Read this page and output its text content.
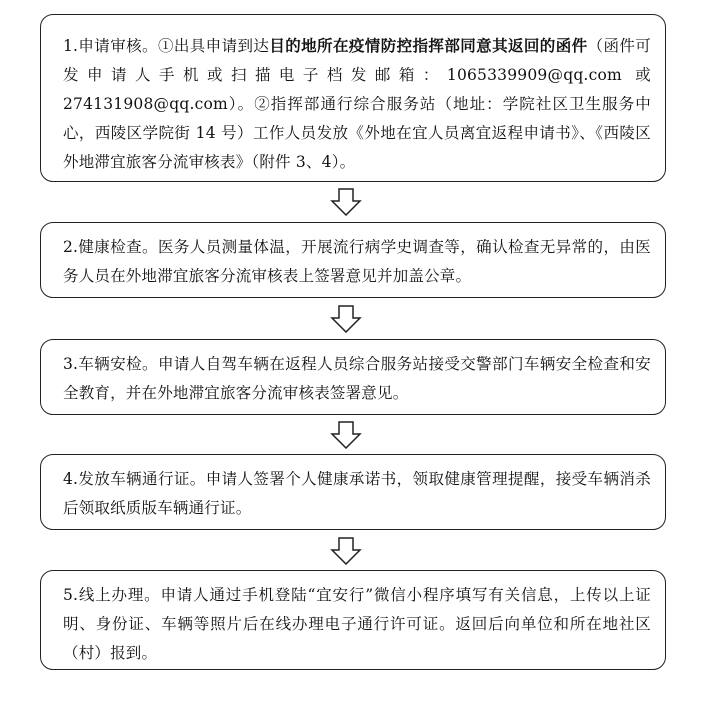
1.申请审核。①出具申请到达目的地所在疫情防控指挥部同意其返回的函件（函件可发申请人手机或扫描电子档发邮箱：1065339909@qq.com 或 274131908@qq.com）。②指挥部通行综合服务站（地址：学院社区卫生服务中心，西陵区学院街 14 号）工作人员发放《外地在宜人员离宜返程申请书》、《西陵区外地滞宜旅客分流审核表》（附件 3、4）。

2.健康检查。医务人员测量体温，开展流行病学史调查等，确认检查无异常的，由医务人员在外地滞宜旅客分流审核表上签署意见并加盖公章。

3.车辆安检。申请人自驾车辆在返程人员综合服务站接受交警部门车辆安全检查和安全教育，并在外地滞宜旅客分流审核表签署意见。

4.发放车辆通行证。申请人签署个人健康承诺书，领取健康管理提醒，接受车辆消杀后领取纸质版车辆通行证。

5.线上办理。申请人通过手机登陆“宜安行”微信小程序填写有关信息，上传以上证明、身份证、车辆等照片后在线办理电子通行许可证。返回后向单位和所在地社区（村）报到。
